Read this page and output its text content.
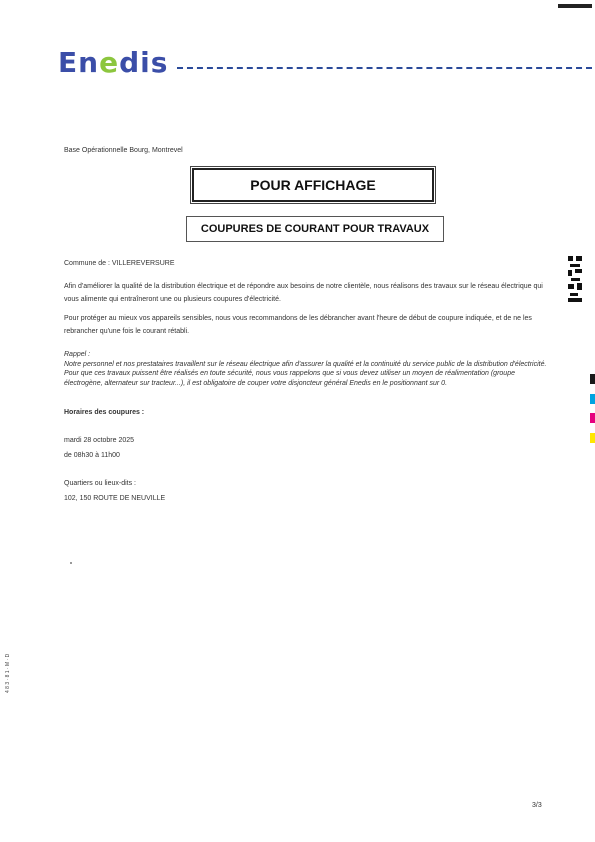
Enedis
Base Opérationnelle Bourg, Montrevel
POUR AFFICHAGE
COUPURES DE COURANT POUR TRAVAUX
Commune de : VILLEREVERSURE
Afin d'améliorer la qualité de la distribution électrique et de répondre aux besoins de notre clientèle, nous réalisons des travaux sur le réseau électrique qui vous alimente qui entraîneront une ou plusieurs coupures d'électricité.
Pour protéger au mieux vos appareils sensibles, nous vous recommandons de les débrancher avant l'heure de début de coupure indiquée, et de ne les rebrancher qu'une fois le courant rétabli.
Rappel :
Notre personnel et nos prestataires travaillent sur le réseau électrique afin d'assurer la qualité et la continuité du service public de la distribution d'électricité. Pour que ces travaux puissent être réalisés en toute sécurité, nous vous rappelons que si vous devez utiliser un moyen de réalimentation (groupe électrogène, alternateur sur tracteur...), il est obligatoire de couper votre disjoncteur général Enedis en le positionnant sur 0.
Horaires des coupures :
mardi 28 octobre 2025
de 08h30 à 11h00
Quartiers ou lieux-dits :
102, 150 ROUTE DE NEUVILLE
4 8 3 · 8 1 · M · D
3/3
